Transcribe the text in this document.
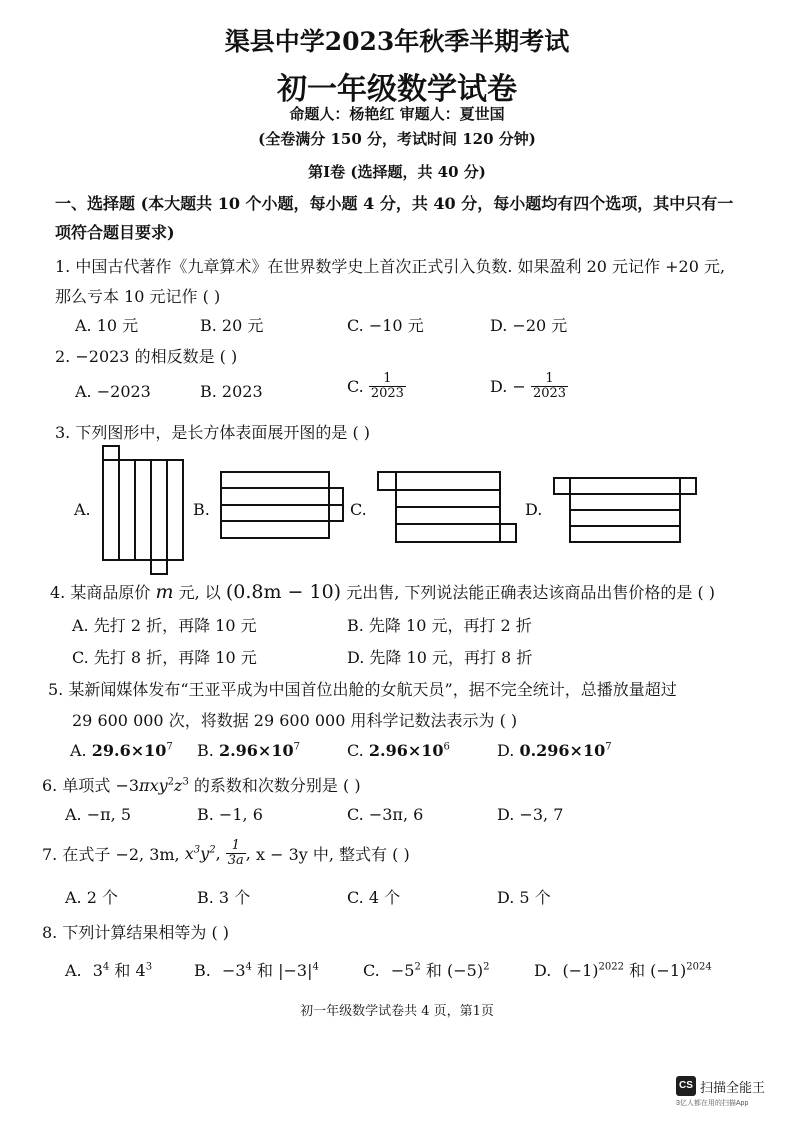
渠县中学2023年秋季半期考试
初一年级数学试卷
命题人：杨艳红 审题人：夏世国
(全卷满分 150 分，考试时间 120 分钟)
第Ⅰ卷 (选择题，共 40 分)
一、选择题 (本大题共 10 个小题，每小题 4 分，共 40 分，每小题均有四个选项，其中只有一
项符合题目要求)
1. 中国古代著作《九章算术》在世界数学史上首次正式引入负数. 如果盈利 20 元记作 +20 元,
那么亏本 10 元记作 ( )
A. 10 元	B. 20 元	C. −10 元	D. −20 元
2. −2023 的相反数是 ( )
A. −2023	B. 2023	C. $\frac{1}{2023}$	D. − $\frac{1}{2023}$
3. 下列图形中，是长方体表面展开图的是 ( )
A.	B.	C.	D.
4. 某商品原价 m 元, 以 (0.8m − 10) 元出售, 下列说法能正确表达该商品出售价格的是 ( )
A. 先打 2 折，再降 10 元	B. 先降 10 元，再打 2 折
C. 先打 8 折，再降 10 元	D. 先降 10 元，再打 8 折
5. 某新闻媒体发布“王亚平成为中国首位出舱的女航天员”，据不完全统计，总播放量超过
29 600 000 次，将数据 29 600 000 用科学记数法表示为 ( )
A. $29.6\times 10^7$ B. $2.96\times 10^7$	C. $2.96\times 10^6$	D. $0.296\times 10^7$
6. 单项式 $-3\pi xy^2z^3$ 的系数和次数分别是 ( )
A. −π, 5	B. −1, 6	C. −3π, 6	D. −3, 7
7. 在式子 −2, 3m, $x^3y^2$, $\frac{1}{3a}$ , x − 3y 中, 整式有 ( )
A. 2 个	B. 3 个	C. 4 个	D. 5 个
8. 下列计算结果相等为 ( )
A. $3^4$ 和 $4^3$	B. $-3^4$ 和 $|-3|^4$	C. $-5^2$ 和 $(-5)^2$	D. $(-1)^{2022}$ 和 $(-1)^{2024}$
初一年级数学试卷共 4 页，第1页
CS 扫描全能王
3亿人都在用的扫描App
